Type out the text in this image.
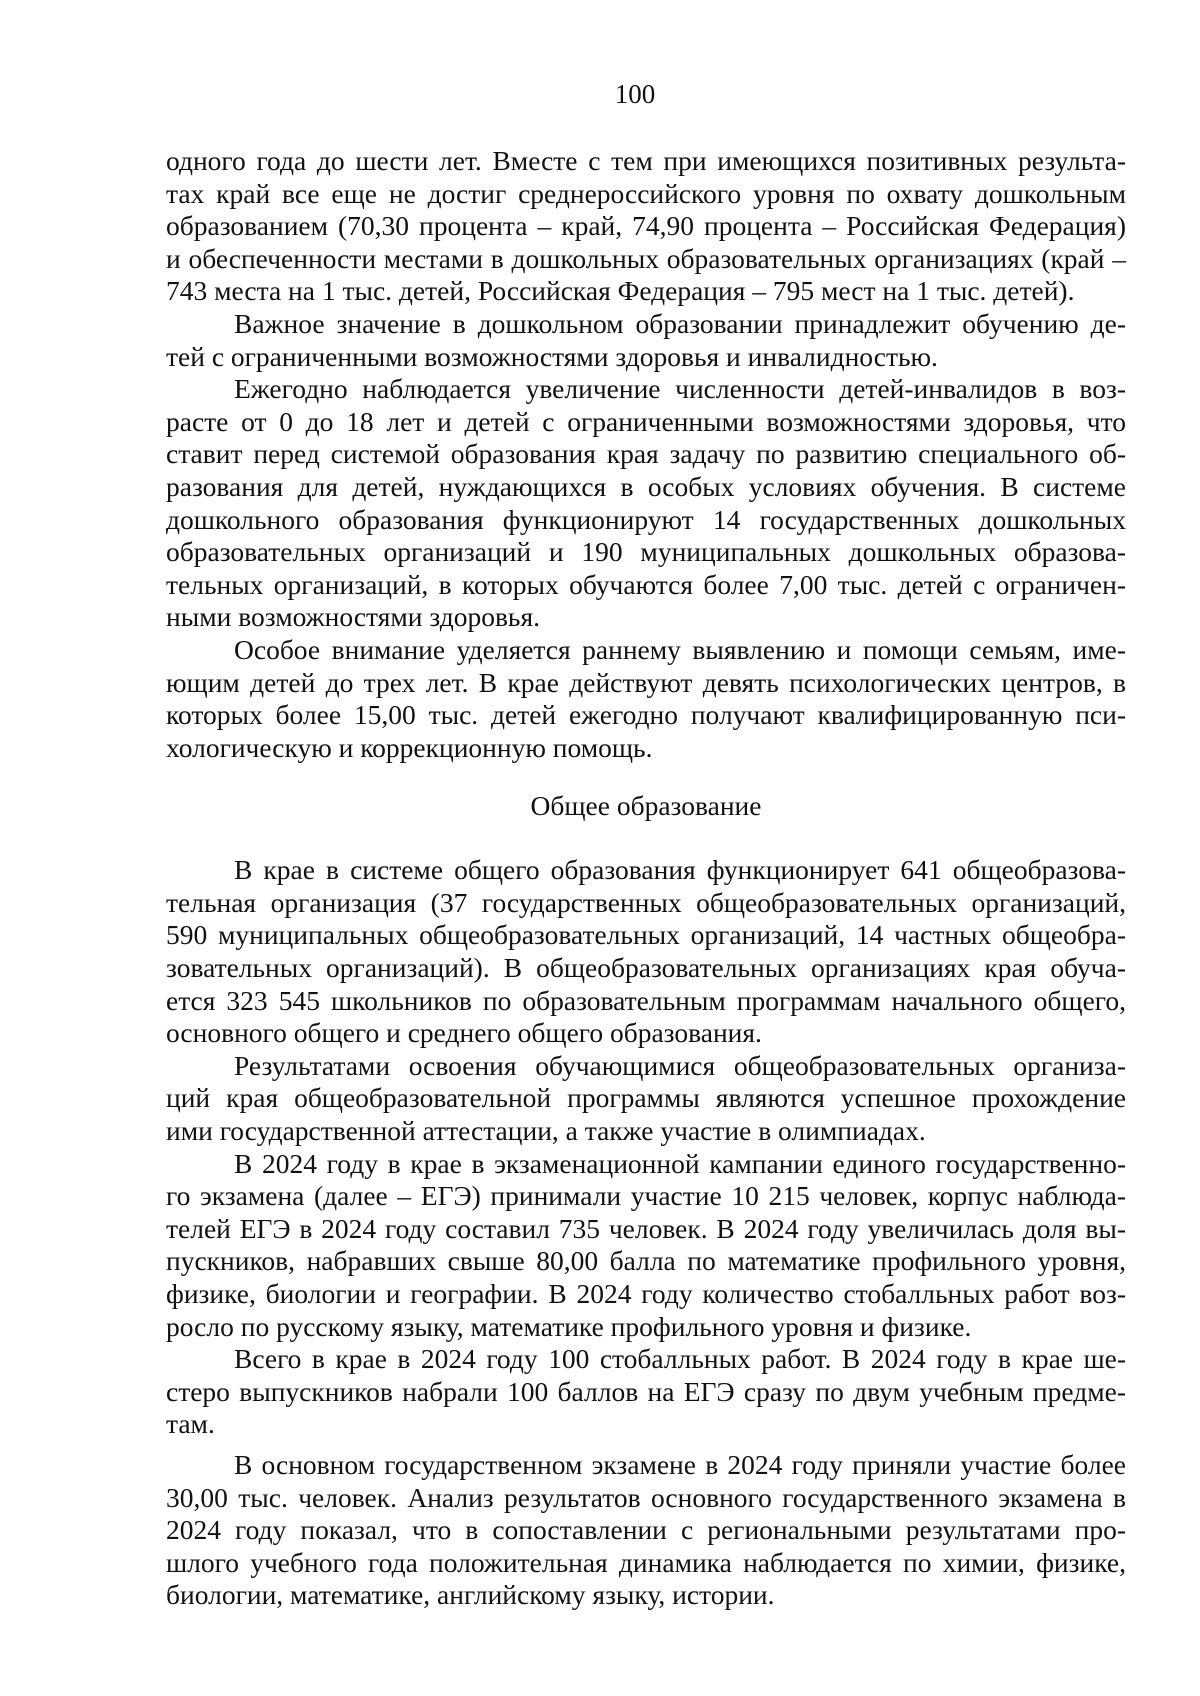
100
одного года до шести лет. Вместе с тем при имеющихся позитивных результа-
тах край все еще не достиг среднероссийского уровня по охвату дошкольным
образованием (70,30 процента – край, 74,90 процента – Российская Федерация)
и обеспеченности местами в дошкольных образовательных организациях (край –
743 места на 1 тыс. детей, Российская Федерация – 795 мест на 1 тыс. детей).
Важное значение в дошкольном образовании принадлежит обучению де-
тей с ограниченными возможностями здоровья и инвалидностью.
Ежегодно наблюдается увеличение численности детей-инвалидов в воз-
расте от 0 до 18 лет и детей с ограниченными возможностями здоровья, что
ставит перед системой образования края задачу по развитию специального об-
разования для детей, нуждающихся в особых условиях обучения. В системе
дошкольного образования функционируют 14 государственных дошкольных
образовательных организаций и 190 муниципальных дошкольных образова-
тельных организаций, в которых обучаются более 7,00 тыс. детей с ограничен-
ными возможностями здоровья.
Особое внимание уделяется раннему выявлению и помощи семьям, име-
ющим детей до трех лет. В крае действуют девять психологических центров, в
которых более 15,00 тыс. детей ежегодно получают квалифицированную пси-
хологическую и коррекционную помощь.
Общее образование
В крае в системе общего образования функционирует 641 общеобразова-
тельная организация (37 государственных общеобразовательных организаций,
590 муниципальных общеобразовательных организаций, 14 частных общеобра-
зовательных организаций). В общеобразовательных организациях края обуча-
ется 323 545 школьников по образовательным программам начального общего,
основного общего и среднего общего образования.
Результатами освоения обучающимися общеобразовательных организа-
ций края общеобразовательной программы являются успешное прохождение
ими государственной аттестации, а также участие в олимпиадах.
В 2024 году в крае в экзаменационной кампании единого государственно-
го экзамена (далее – ЕГЭ) принимали участие 10 215 человек, корпус наблюда-
телей ЕГЭ в 2024 году составил 735 человек. В 2024 году увеличилась доля вы-
пускников, набравших свыше 80,00 балла по математике профильного уровня,
физике, биологии и географии. В 2024 году количество стобалльных работ воз-
росло по русскому языку, математике профильного уровня и физике.
Всего в крае в 2024 году 100 стобалльных работ. В 2024 году в крае ше-
стеро выпускников набрали 100 баллов на ЕГЭ сразу по двум учебным предме-
там.
В основном государственном экзамене в 2024 году приняли участие более
30,00 тыс. человек. Анализ результатов основного государственного экзамена в
2024 году показал, что в сопоставлении с региональными результатами про-
шлого учебного года положительная динамика наблюдается по химии, физике,
биологии, математике, английскому языку, истории.
